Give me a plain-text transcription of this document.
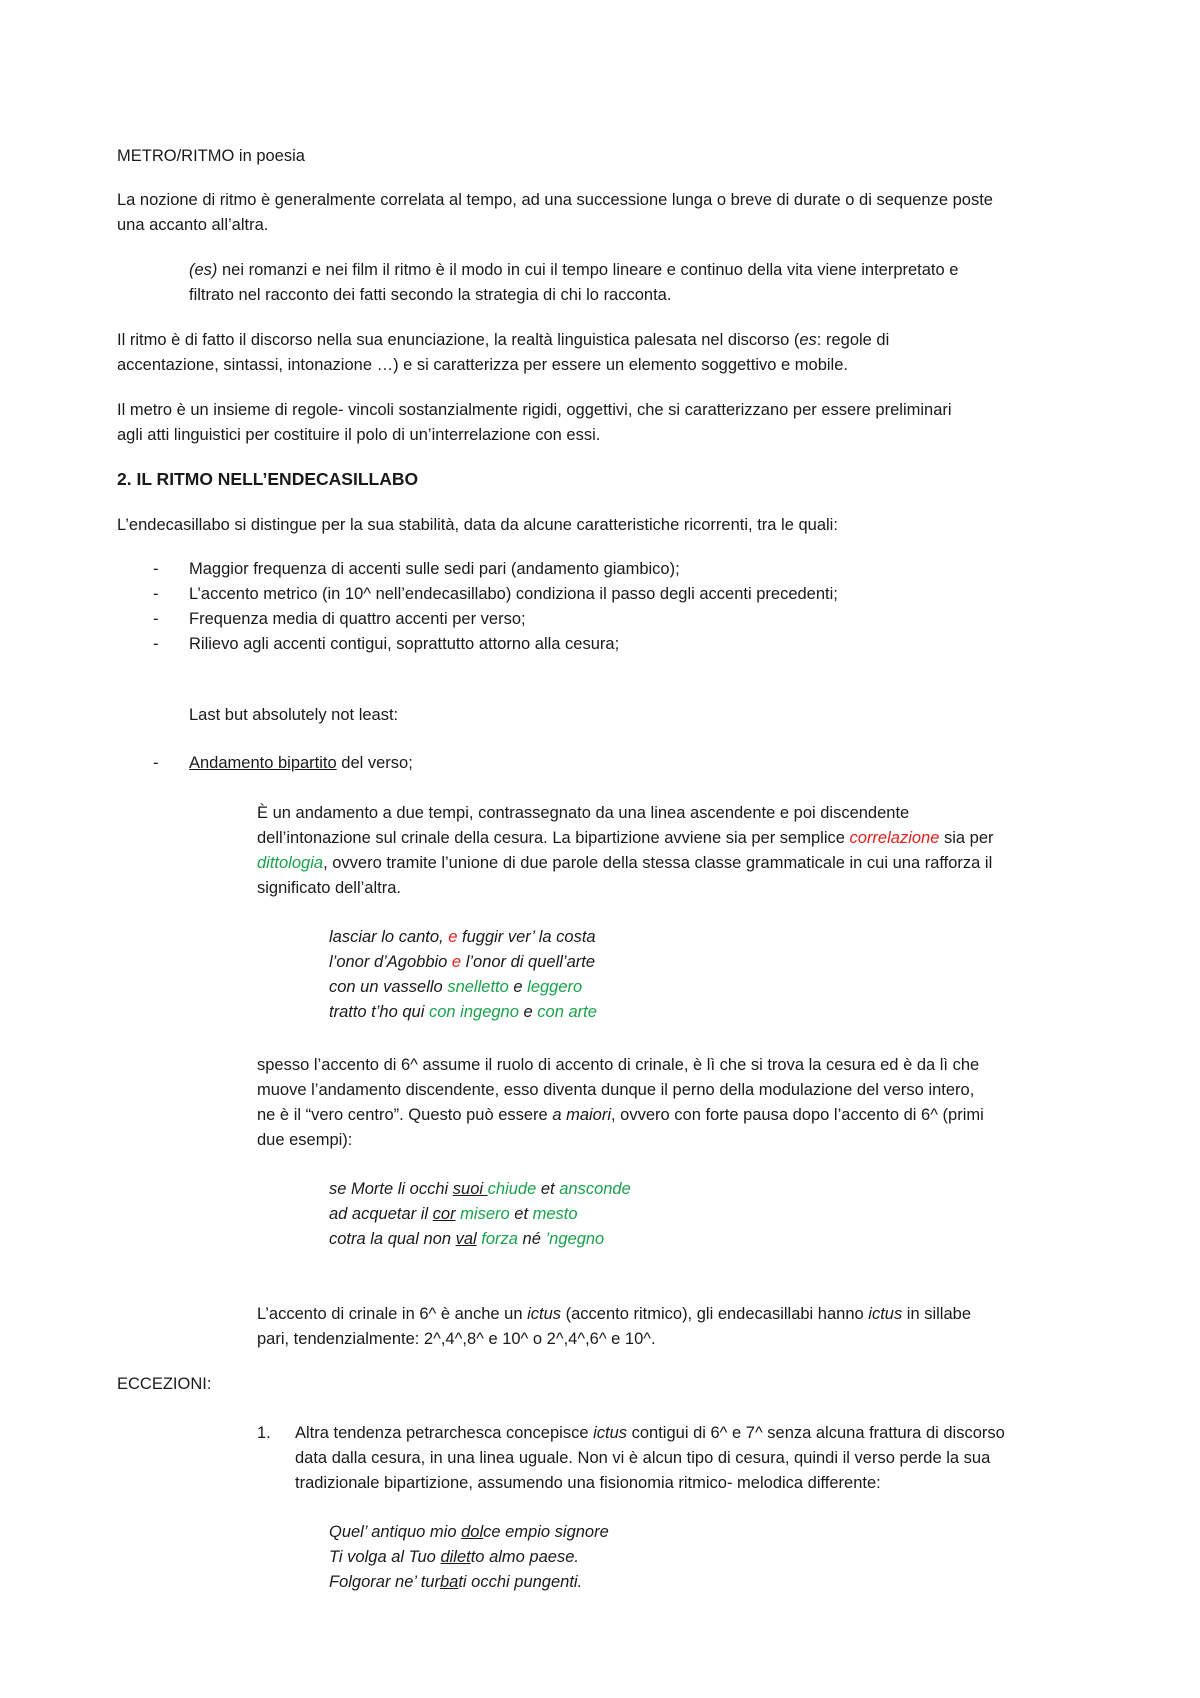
METRO/RITMO in poesia

La nozione di ritmo è generalmente correlata al tempo, ad una successione lunga o breve di durate o di sequenze poste

una accanto all’altra.

(es) nei romanzi e nei film il ritmo è il modo in cui il tempo lineare e continuo della vita viene interpretato e

filtrato nel racconto dei fatti secondo la strategia di chi lo racconta.

Il ritmo è di fatto il discorso nella sua enunciazione, la realtà linguistica palesata nel discorso (es: regole di

accentazione, sintassi, intonazione …) e si caratterizza per essere un elemento soggettivo e mobile.

Il metro è un insieme di regole- vincoli sostanzialmente rigidi, oggettivi, che si caratterizzano per essere preliminari

agli atti linguistici per costituire il polo di un’interrelazione con essi.

2. IL RITMO NELL’ENDECASILLABO

L’endecasillabo si distingue per la sua stabilità, data da alcune caratteristiche ricorrenti, tra le quali:

- Maggior frequenza di accenti sulle sedi pari (andamento giambico);

- L’accento metrico (in 10^ nell’endecasillabo) condiziona il passo degli accenti precedenti;

- Frequenza media di quattro accenti per verso;

- Rilievo agli accenti contigui, soprattutto attorno alla cesura;

Last but absolutely not least:

- Andamento bipartito del verso;

È un andamento a due tempi, contrassegnato da una linea ascendente e poi discendente

dell’intonazione sul crinale della cesura. La bipartizione avviene sia per semplice correlazione sia per

dittologia, ovvero tramite l’unione di due parole della stessa classe grammaticale in cui una rafforza il

significato dell’altra.

lasciar lo canto, e fuggir ver’ la costa

l’onor d’Agobbio e l’onor di quell’arte

con un vassello snelletto e leggero

tratto t’ho qui con ingegno e con arte

spesso l’accento di 6^ assume il ruolo di accento di crinale, è lì che si trova la cesura ed è da lì che

muove l’andamento discendente, esso diventa dunque il perno della modulazione del verso intero,

ne è il “vero centro”. Questo può essere a maiori, ovvero con forte pausa dopo l’accento di 6^ (primi

due esempi):

se Morte li occhi suoi chiude et ansconde

ad acquetar il cor misero et mesto

cotra la qual non val forza né ’ngegno

L’accento di crinale in 6^ è anche un ictus (accento ritmico), gli endecasillabi hanno ictus in sillabe

pari, tendenzialmente: 2^,4^,8^ e 10^ o 2^,4^,6^ e 10^.

ECCEZIONI:

1. Altra tendenza petrarchesca concepisce ictus contigui di 6^ e 7^ senza alcuna frattura di discorso

data dalla cesura, in una linea uguale. Non vi è alcun tipo di cesura, quindi il verso perde la sua

tradizionale bipartizione, assumendo una fisionomia ritmico- melodica differente:

Quel’ antiquo mio dolce empio signore

Ti volga al Tuo diletto almo paese.

Folgorar ne’ turbati occhi pungenti.
